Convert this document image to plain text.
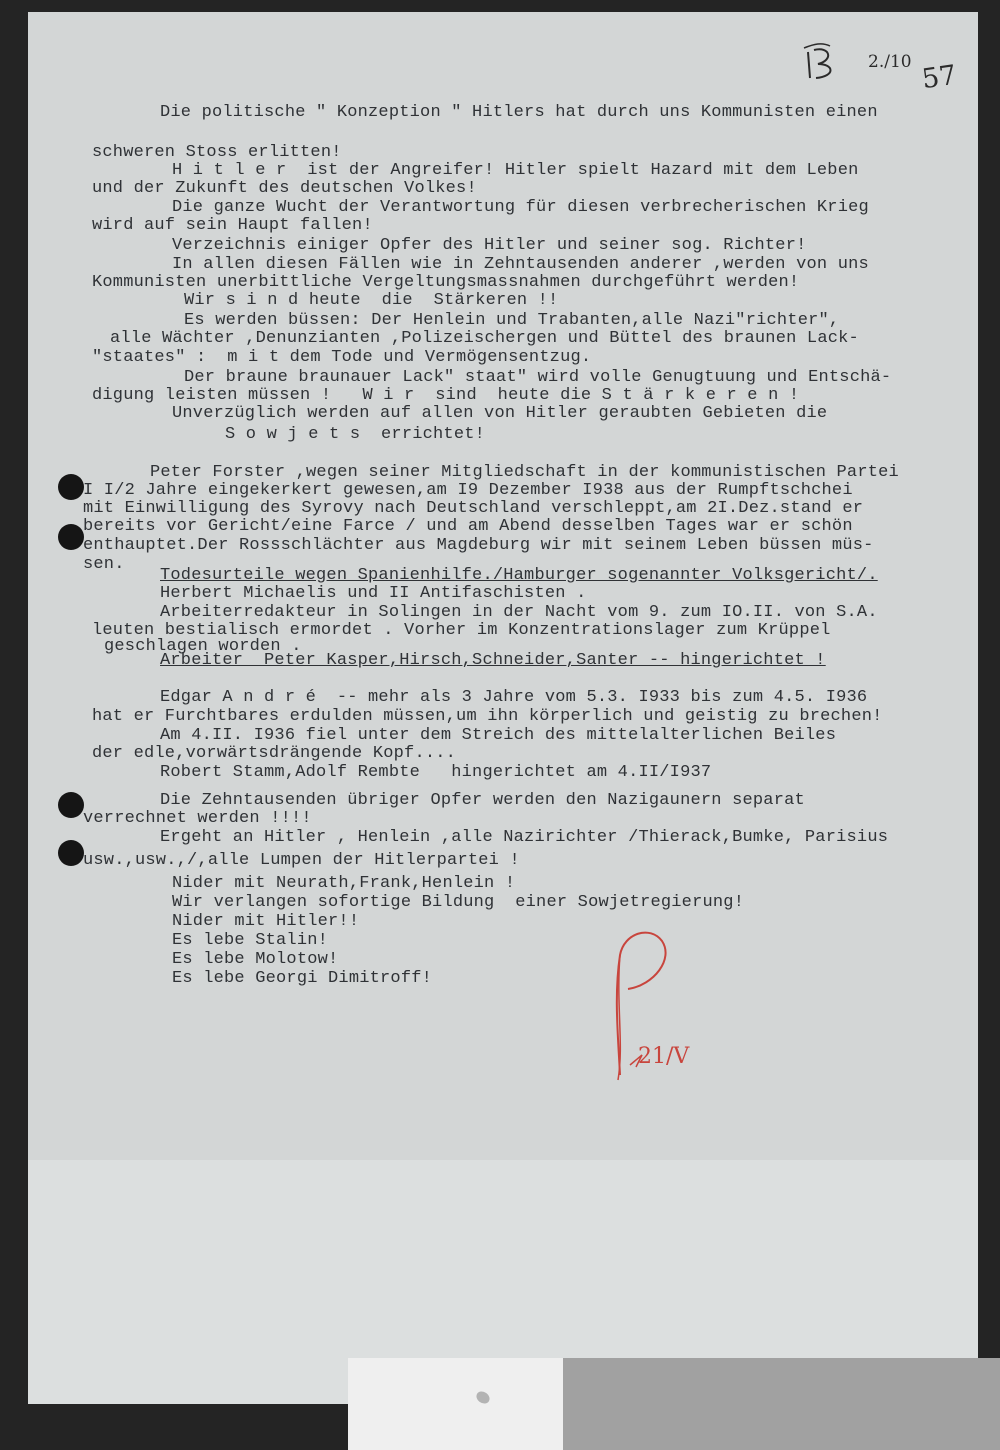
2./10 57
Die politische " Konzeption " Hitlers hat durch uns Kommunisten einen
schweren Stoss erlitten!
H i t l e r  ist der Angreifer! Hitler spielt Hazard mit dem Leben
und der Zukunft des deutschen Volkes!
Die ganze Wucht der Verantwortung für diesen verbrecherischen Krieg
wird auf sein Haupt fallen!
Verzeichnis einiger Opfer des Hitler und seiner sog. Richter!
In allen diesen Fällen wie in Zehntausenden anderer ,werden von uns
Kommunisten unerbittliche Vergeltungsmassnahmen durchgeführt werden!
Wir s i n d heute  die  Stärkeren !!
Es werden büssen: Der Henlein und Trabanten,alle Nazi"richter",
alle Wächter ,Denunzianten ,Polizeischergen und Büttel des braunen Lack-
"staates" :  m i t dem Tode und Vermögensentzug.
Der braune braunauer Lack" staat" wird volle Genugtuung und Entschä-
digung leisten müssen !   W i r  sind  heute die S t ä r k e r e n !
Unverzüglich werden auf allen von Hitler geraubten Gebieten die
S o w j e t s  errichtet!
Peter Forster ,wegen seiner Mitgliedschaft in der kommunistischen Partei
I I/2 Jahre eingekerkert gewesen,am I9 Dezember I938 aus der Rumpftschchei
mit Einwilligung des Syrovy nach Deutschland verschleppt,am 2I.Dez.stand er
bereits vor Gericht/eine Farce / und am Abend desselben Tages war er schön
enthauptet.Der Rossschlächter aus Magdeburg wir mit seinem Leben büssen müs-
sen.
Todesurteile wegen Spanienhilfe./Hamburger sogenannter Volksgericht/.
Herbert Michaelis und II Antifaschisten .
Arbeiterredakteur in Solingen in der Nacht vom 9. zum IO.II. von S.A.
leuten bestialisch ermordet . Vorher im Konzentrationslager zum Krüppel
geschlagen worden .
Arbeiter  Peter Kasper,Hirsch,Schneider,Santer -- hingerichtet !
Edgar A n d r é  -- mehr als 3 Jahre vom 5.3. I933 bis zum 4.5. I936
hat er Furchtbares erdulden müssen,um ihn körperlich und geistig zu brechen!
Am 4.II. I936 fiel unter dem Streich des mittelalterlichen Beiles
der edle,vorwärtsdrängende Kopf....
Robert Stamm,Adolf Rembte   hingerichtet am 4.II/I937
Die Zehntausenden übriger Opfer werden den Nazigaunern separat
verrechnet werden !!!!
Ergeht an Hitler , Henlein ,alle Nazirichter /Thierack,Bumke, Parisius
usw.,usw.,/,alle Lumpen der Hitlerpartei !
Nider mit Neurath,Frank,Henlein !
Wir verlangen sofortige Bildung  einer Sowjetregierung!
Nider mit Hitler!!
Es lebe Stalin!
Es lebe Molotow!
Es lebe Georgi Dimitroff!
21/V
